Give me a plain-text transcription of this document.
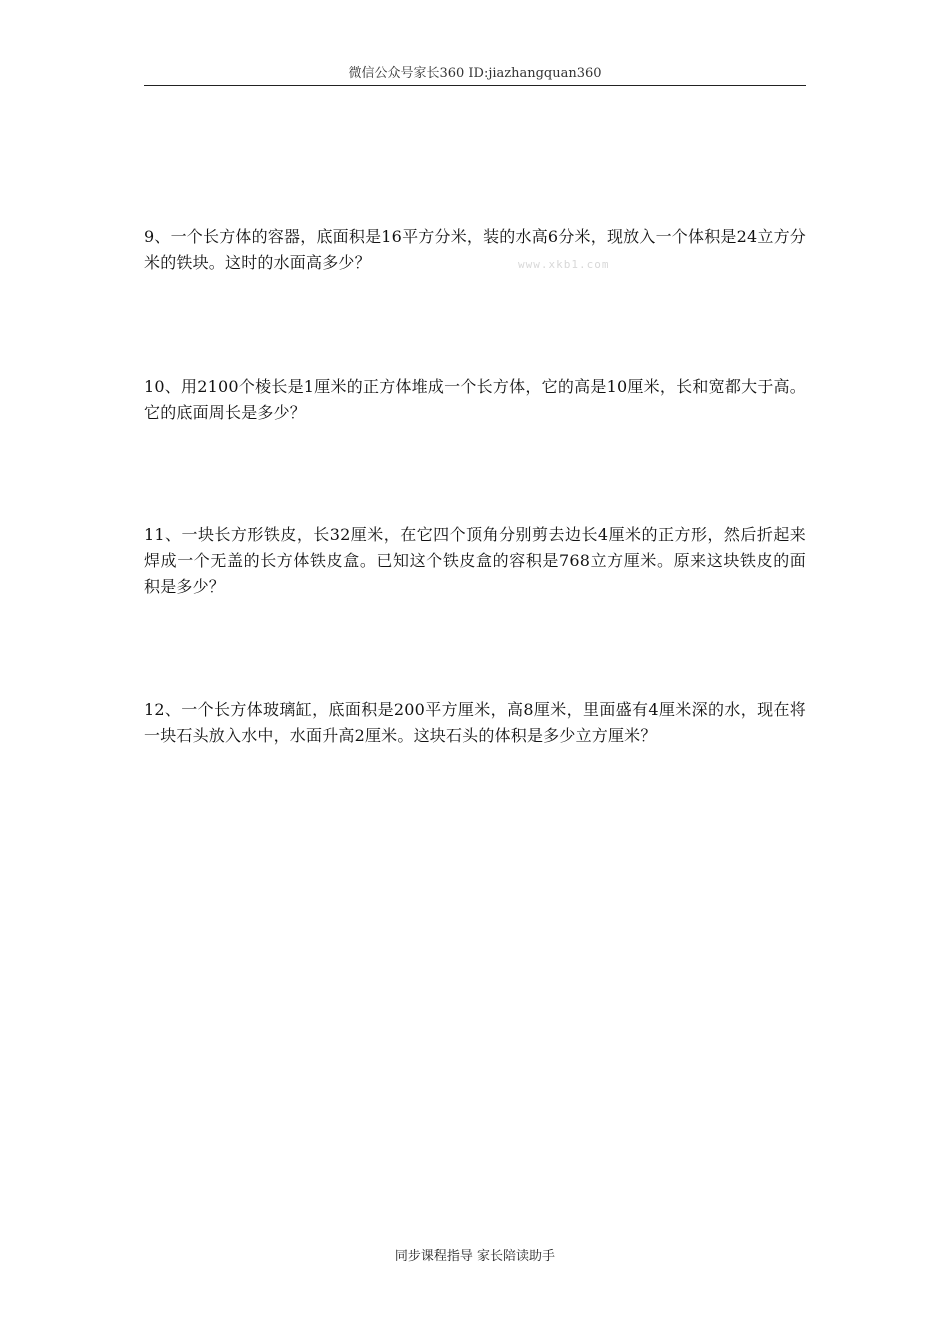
微信公众号家长360 ID:jiazhangquan360

9、一个长方体的容器，底面积是16平方分米，装的水高6分米，现放入一个体积是24立方分米的铁块。这时的水面高多少？	www.xkb1.com

10、用2100个棱长是1厘米的正方体堆成一个长方体，它的高是10厘米，长和宽都大于高。它的底面周长是多少？

11、一块长方形铁皮，长32厘米，在它四个顶角分别剪去边长4厘米的正方形，然后折起来焊成一个无盖的长方体铁皮盒。已知这个铁皮盒的容积是768立方厘米。原来这块铁皮的面积是多少？

12、一个长方体玻璃缸，底面积是200平方厘米，高8厘米，里面盛有4厘米深的水，现在将一块石头放入水中，水面升高2厘米。这块石头的体积是多少立方厘米？

同步课程指导 家长陪读助手
